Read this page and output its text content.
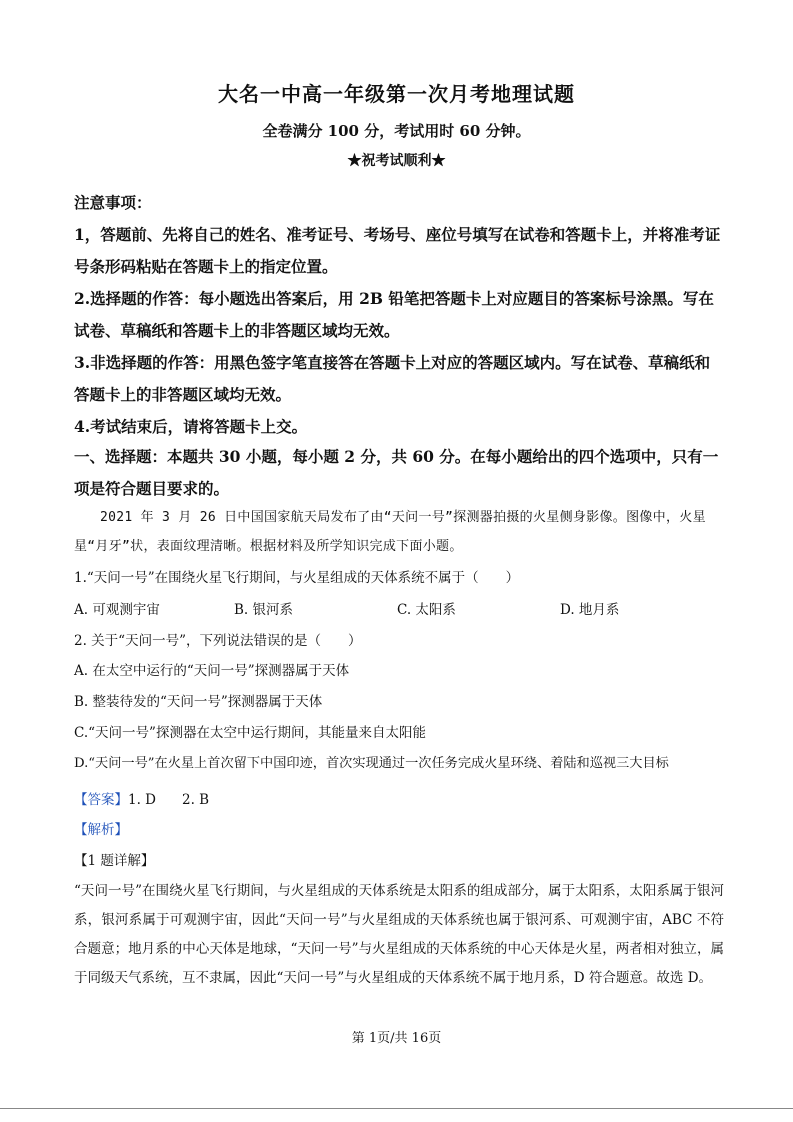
大名一中高一年级第一次月考地理试题
全卷满分 100 分，考试用时 60 分钟。
★祝考试顺利★
注意事项：
1，答题前、先将自己的姓名、准考证号、考场号、座位号填写在试卷和答题卡上，并将准考证号条形码粘贴在答题卡上的指定位置。
2.选择题的作答：每小题选出答案后，用 2B 铅笔把答题卡上对应题目的答案标号涂黑。写在试卷、草稿纸和答题卡上的非答题区域均无效。
3.非选择题的作答：用黑色签字笔直接答在答题卡上对应的答题区域内。写在试卷、草稿纸和答题卡上的非答题区域均无效。
4.考试结束后，请将答题卡上交。
一、选择题：本题共 30 小题，每小题 2 分，共 60 分。在每小题给出的四个选项中，只有一项是符合题目要求的。
2021 年 3 月 26 日中国国家航天局发布了由“天问一号”探测器拍摄的火星侧身影像。图像中，火星星“月牙”状，表面纹理清晰。根据材料及所学知识完成下面小题。
1.“天问一号”在围绕火星飞行期间，与火星组成的天体系统不属于（　　）
A. 可观测宇宙	B. 银河系	C. 太阳系	D. 地月系
2. 关于“天问一号”，下列说法错误的是（　　）
A. 在太空中运行的“天问一号”探测器属于天体
B. 整装待发的“天问一号”探测器属于天体
C.“天问一号”探测器在太空中运行期间，其能量来自太阳能
D.“天问一号”在火星上首次留下中国印迹，首次实现通过一次任务完成火星环绕、着陆和巡视三大目标
【答案】1. D 2. B
【解析】
【1 题详解】
“天问一号”在围绕火星飞行期间，与火星组成的天体系统是太阳系的组成部分，属于太阳系，太阳系属于银河系，银河系属于可观测宇宙，因此“天问一号”与火星组成的天体系统也属于银河系、可观测宇宙，ABC 不符合题意；地月系的中心天体是地球，“天问一号”与火星组成的天体系统的中心天体是火星，两者相对独立，属于同级天气系统，互不隶属，因此“天问一号”与火星组成的天体系统不属于地月系，D 符合题意。故选 D。
第 1页/共 16页
